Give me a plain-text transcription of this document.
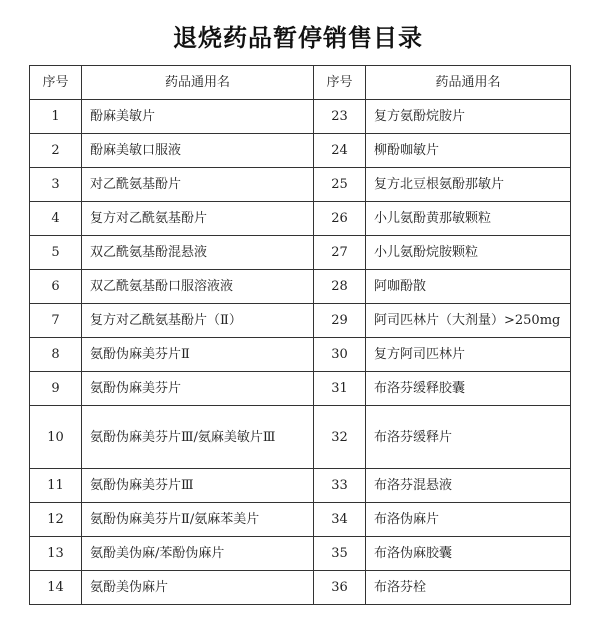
退烧药品暂停销售目录
序号	药品通用名	序号	药品通用名
1	酚麻美敏片	23	复方氨酚烷胺片
2	酚麻美敏口服液	24	柳酚咖敏片
3	对乙酰氨基酚片	25	复方北豆根氨酚那敏片
4	复方对乙酰氨基酚片	26	小儿氨酚黄那敏颗粒
5	双乙酰氨基酚混悬液	27	小儿氨酚烷胺颗粒
6	双乙酰氨基酚口服溶液液	28	阿咖酚散
7	复方对乙酰氨基酚片（Ⅱ）	29	阿司匹林片（大剂量）>250mg
8	氨酚伪麻美芬片Ⅱ	30	复方阿司匹林片
9	氨酚伪麻美芬片	31	布洛芬缓释胶囊
10	氨酚伪麻美芬片Ⅲ/氨麻美敏片Ⅲ	32	布洛芬缓释片
11	氨酚伪麻美芬片Ⅲ	33	布洛芬混悬液
12	氨酚伪麻美芬片Ⅱ/氨麻苯美片	34	布洛伪麻片
13	氨酚美伪麻/苯酚伪麻片	35	布洛伪麻胶囊
14	氨酚美伪麻片	36	布洛芬栓
